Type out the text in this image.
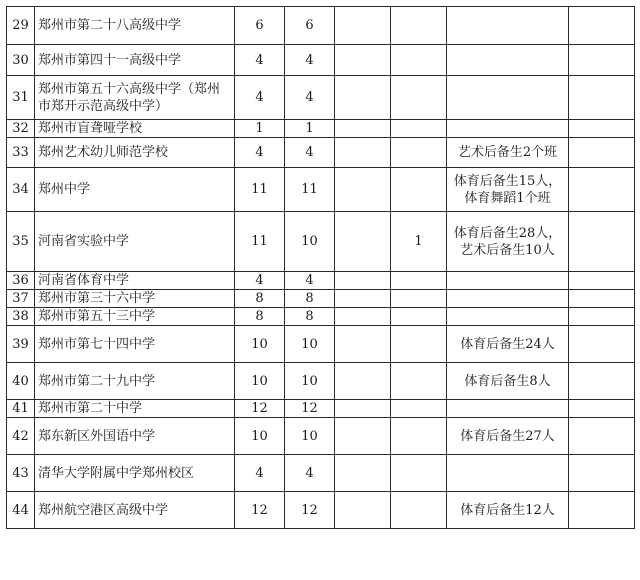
29	郑州市第二十八高级中学	6	6				
30	郑州市第四十一高级中学	4	4				
31	郑州市第五十六高级中学（郑州市郑开示范高级中学）	4	4				
32	郑州市盲聋哑学校	1	1				
33	郑州艺术幼儿师范学校	4	4			艺术后备生2个班	
34	郑州中学	11	11			体育后备生15人，体育舞蹈1个班	
35	河南省实验中学	11	10		1	体育后备生28人，艺术后备生10人	
36	河南省体育中学	4	4				
37	郑州市第三十六中学	8	8				
38	郑州市第五十三中学	8	8				
39	郑州市第七十四中学	10	10			体育后备生24人	
40	郑州市第二十九中学	10	10			体育后备生8人	
41	郑州市第二十中学	12	12				
42	郑东新区外国语中学	10	10			体育后备生27人	
43	清华大学附属中学郑州校区	4	4				
44	郑州航空港区高级中学	12	12			体育后备生12人	
